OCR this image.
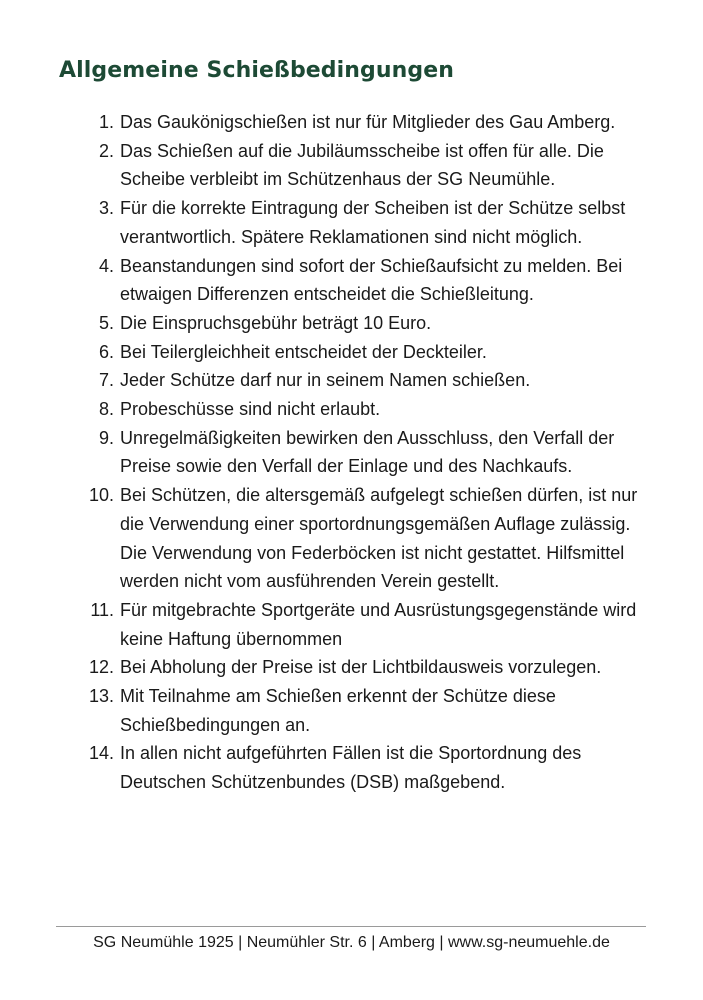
Allgemeine Schießbedingungen
1. Das Gaukönigschießen ist nur für Mitglieder des Gau Amberg.
2. Das Schießen auf die Jubiläumsscheibe ist offen für alle. Die Scheibe verbleibt im Schützenhaus der SG Neumühle.
3. Für die korrekte Eintragung der Scheiben ist der Schütze selbst verantwortlich. Spätere Reklamationen sind nicht möglich.
4. Beanstandungen sind sofort der Schießaufsicht zu melden. Bei etwaigen Differenzen entscheidet die Schießleitung.
5. Die Einspruchsgebühr beträgt 10 Euro.
6. Bei Teilergleichheit entscheidet der Deckteiler.
7. Jeder Schütze darf nur in seinem Namen schießen.
8. Probeschüsse sind nicht erlaubt.
9. Unregelmäßigkeiten bewirken den Ausschluss, den Verfall der Preise sowie den Verfall der Einlage und des Nachkaufs.
10. Bei Schützen, die altersgemäß aufgelegt schießen dürfen, ist nur die Verwendung einer sportordnungsgemäßen Auflage zulässig. Die Verwendung von Federböcken ist nicht gestattet. Hilfsmittel werden nicht vom ausführenden Verein gestellt.
11. Für mitgebrachte Sportgeräte und Ausrüstungsgegenstände wird keine Haftung übernommen
12. Bei Abholung der Preise ist der Lichtbildausweis vorzulegen.
13. Mit Teilnahme am Schießen erkennt der Schütze diese Schießbedingungen an.
14. In allen nicht aufgeführten Fällen ist die Sportordnung des Deutschen Schützenbundes (DSB) maßgebend.
SG Neumühle 1925 | Neumühler Str. 6 | Amberg | www.sg-neumuehle.de
